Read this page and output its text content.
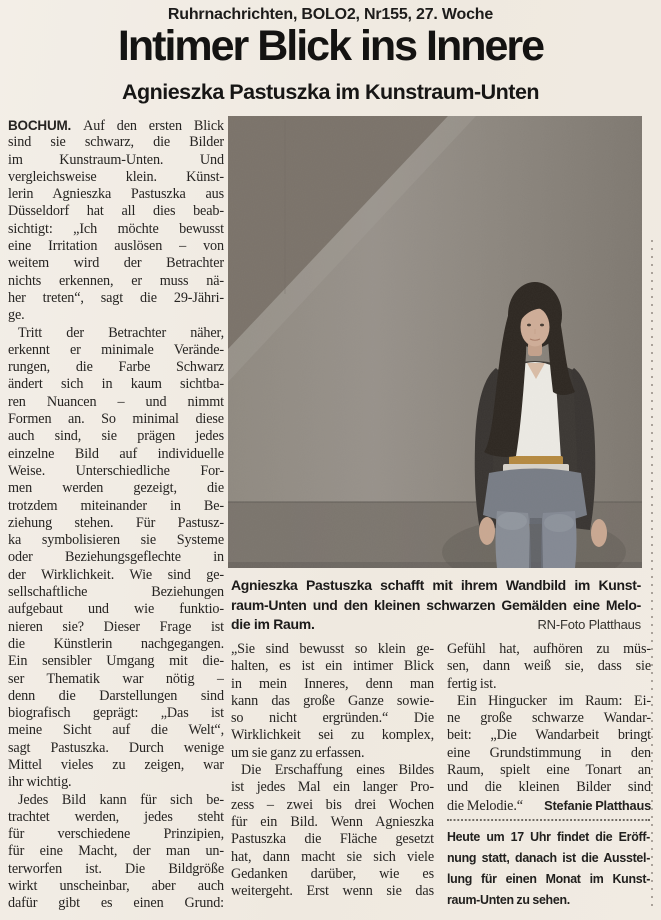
Ruhrnachrichten, BOLO2, Nr155, 27. Woche
Intimer Blick ins Innere
Agnieszka Pastuszka im Kunstraum-Unten
BOCHUM. Auf den ersten Blick
sind sie schwarz, die Bilder
im Kunstraum-Unten. Und
vergleichsweise klein. Künst-
lerin Agnieszka Pastuszka aus
Düsseldorf hat all dies beab-
sichtigt: „Ich möchte bewusst
eine Irritation auslösen – von
weitem wird der Betrachter
nichts erkennen, er muss nä-
her treten“, sagt die 29-Jähri-
ge.
Tritt der Betrachter näher,
erkennt er minimale Verände-
rungen, die Farbe Schwarz
ändert sich in kaum sichtba-
ren Nuancen – und nimmt
Formen an. So minimal diese
auch sind, sie prägen jedes
einzelne Bild auf individuelle
Weise. Unterschiedliche For-
men werden gezeigt, die
trotzdem miteinander in Be-
ziehung stehen. Für Pastusz-
ka symbolisieren sie Systeme
oder Beziehungsgeflechte in
der Wirklichkeit. Wie sind ge-
sellschaftliche Beziehungen
aufgebaut und wie funktio-
nieren sie? Dieser Frage ist
die Künstlerin nachgegangen.
Ein sensibler Umgang mit die-
ser Thematik war nötig –
denn die Darstellungen sind
biografisch geprägt: „Das ist
meine Sicht auf die Welt“,
sagt Pastuszka. Durch wenige
Mittel vieles zu zeigen, war
ihr wichtig.
Jedes Bild kann für sich be-
trachtet werden, jedes steht
für verschiedene Prinzipien,
für eine Macht, der man un-
terworfen ist. Die Bildgröße
wirkt unscheinbar, aber auch
dafür gibt es einen Grund:
Agnieszka Pastuszka schafft mit ihrem Wandbild im Kunst-
raum-Unten und den kleinen schwarzen Gemälden eine Melo-
die im Raum.	RN-Foto Platthaus
„Sie sind bewusst so klein ge-
halten, es ist ein intimer Blick
in mein Inneres, denn man
kann das große Ganze sowie-
so nicht ergründen.“ Die
Wirklichkeit sei zu komplex,
um sie ganz zu erfassen.
Die Erschaffung eines Bildes
ist jedes Mal ein langer Pro-
zess – zwei bis drei Wochen
für ein Bild. Wenn Agnieszka
Pastuszka die Fläche gesetzt
hat, dann macht sie sich viele
Gedanken darüber, wie es
weitergeht. Erst wenn sie das
Gefühl hat, aufhören zu müs-
sen, dann weiß sie, dass sie
fertig ist.
Ein Hingucker im Raum: Ei-
ne große schwarze Wandar-
beit: „Die Wandarbeit bringt
eine Grundstimmung in den
Raum, spielt eine Tonart an
und die kleinen Bilder sind
die Melodie.“ Stefanie Platthaus
Heute um 17 Uhr findet die Eröff-
nung statt, danach ist die Ausstel-
lung für einen Monat im Kunst-
raum-Unten zu sehen.
